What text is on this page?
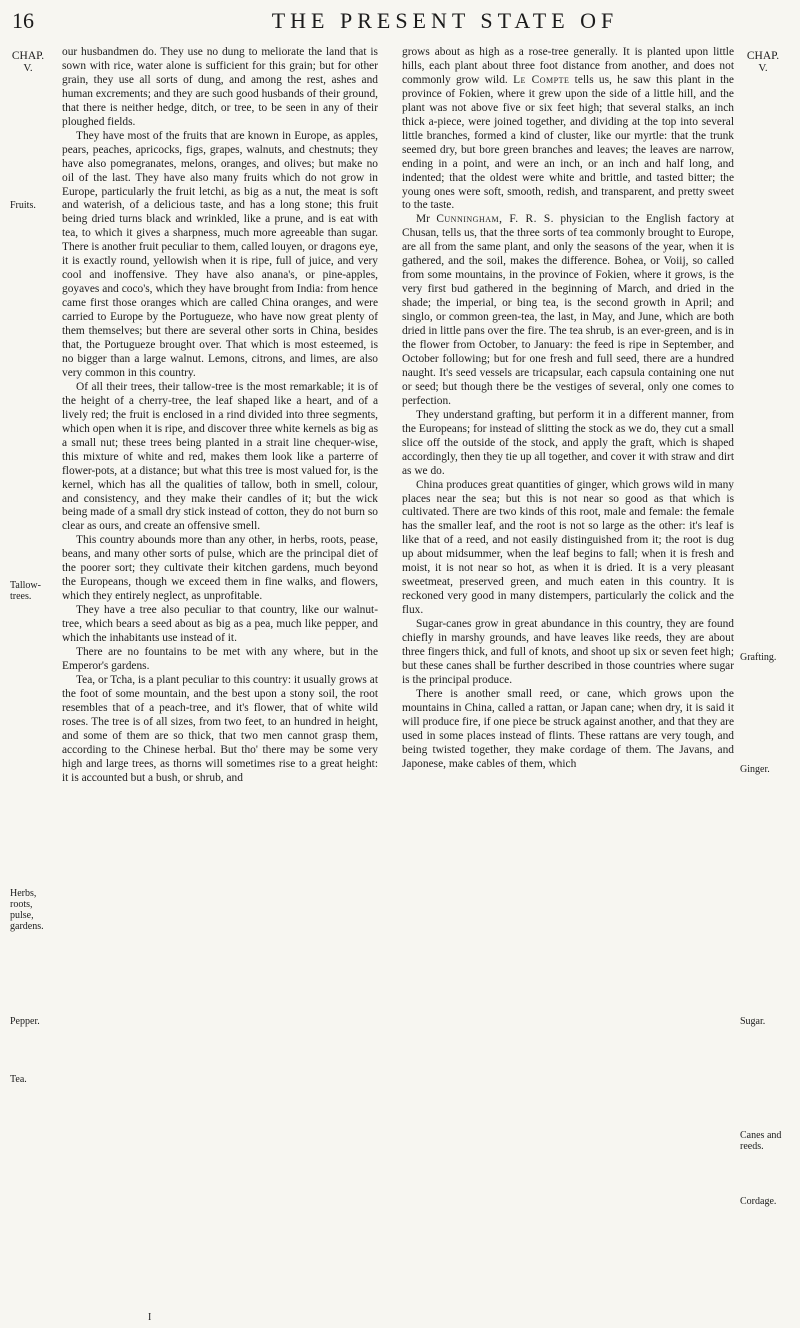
16	THE PRESENT STATE OF
CHAP.
V.
CHAP.
V.
Fruits.
Tallow-trees.
Herbs, roots, pulse, gardens.
Pepper.
Tea.
Grafting.
Ginger.
Sugar.
Canes and reeds.
Cordage.

our husbandmen do. They use no dung to meliorate the land that is sown with rice, water alone is sufficient for this grain; but for other grain, they use all sorts of dung, and among the rest, ashes and human excrements; and they are such good husbands of their ground, that there is neither hedge, ditch, or tree, to be seen in any of their ploughed fields.

They have most of the fruits that are known in Europe, as apples, pears, peaches, apricocks, figs, grapes, walnuts, and chestnuts; they have also pomegranates, melons, oranges, and olives; but make no oil of the last. They have also many fruits which do not grow in Europe, particularly the fruit letchi, as big as a nut, the meat is soft and waterish, of a delicious taste, and has a long stone; this fruit being dried turns black and wrinkled, like a prune, and is eat with tea, to which it gives a sharpness, much more agreeable than sugar. There is another fruit peculiar to them, called louyen, or dragons eye, it is exactly round, yellowish when it is ripe, full of juice, and very cool and inoffensive. They have also anana's, or pine-apples, goyaves and coco's, which they have brought from India: from hence came first those oranges which are called China oranges, and were carried to Europe by the Portugueze, who have now great plenty of them themselves; but there are several other sorts in China, besides that, the Portugueze brought over. That which is most esteemed, is no bigger than a large walnut. Lemons, citrons, and limes, are also very common in this country.

Of all their trees, their tallow-tree is the most remarkable; it is of the height of a cherry-tree, the leaf shaped like a heart, and of a lively red; the fruit is enclosed in a rind divided into three segments, which open when it is ripe, and discover three white kernels as big as a small nut; these trees being planted in a strait line chequer-wise, this mixture of white and red, makes them look like a parterre of flower-pots, at a distance; but what this tree is most valued for, is the kernel, which has all the qualities of tallow, both in smell, colour, and consistency, and they make their candles of it; but the wick being made of a small dry stick instead of cotton, they do not burn so clear as ours, and create an offensive smell.

This country abounds more than any other, in herbs, roots, pease, beans, and many other sorts of pulse, which are the principal diet of the poorer sort; they cultivate their kitchen gardens, much beyond the Europeans, though we exceed them in fine walks, and flowers, which they entirely neglect, as unprofitable.

They have a tree also peculiar to that country, like our walnut-tree, which bears a seed about as big as a pea, much like pepper, and which the inhabitants use instead of it.

There are no fountains to be met with any where, but in the Emperor's gardens.

Tea, or Tcha, is a plant peculiar to this country: it usually grows at the foot of some mountain, and the best upon a stony soil, the root resembles that of a peach-tree, and it's flower, that of white wild roses. The tree is of all sizes, from two feet, to an hundred in height, and some of them are so thick, that two men cannot grasp them, according to the Chinese herbal. But tho' there may be some very high and large trees, as thorns will sometimes rise to a great height: it is accounted but a bush, or shrub, and

grows about as high as a rose-tree generally. It is planted upon little hills, each plant about three foot distance from another, and does not commonly grow wild. Le Compte tells us, he saw this plant in the province of Fokien, where it grew upon the side of a little hill, and the plant was not above five or six feet high; that several stalks, an inch thick a-piece, were joined together, and dividing at the top into several little branches, formed a kind of cluster, like our myrtle: that the trunk seemed dry, but bore green branches and leaves; the leaves are narrow, ending in a point, and were an inch, or an inch and half long, and indented; that the oldest were white and brittle, and tasted bitter; the young ones were soft, smooth, redish, and transparent, and pretty sweet to the taste.

Mr Cunningham, F. R. S. physician to the English factory at Chusan, tells us, that the three sorts of tea commonly brought to Europe, are all from the same plant, and only the seasons of the year, when it is gathered, and the soil, makes the difference. Bohea, or Voiij, so called from some mountains, in the province of Fokien, where it grows, is the very first bud gathered in the beginning of March, and dried in the shade; the imperial, or bing tea, is the second growth in April; and singlo, or common green-tea, the last, in May, and June, which are both dried in little pans over the fire. The tea shrub, is an ever-green, and is in the flower from October, to January: the feed is ripe in September, and October following; but for one fresh and full seed, there are a hundred naught. It's seed vessels are tricapsular, each capsula containing one nut or seed; but though there be the vestiges of several, only one comes to perfection.

They understand grafting, but perform it in a different manner, from the Europeans; for instead of slitting the stock as we do, they cut a small slice off the outside of the stock, and apply the graft, which is shaped accordingly, then they tie up all together, and cover it with straw and dirt as we do.

China produces great quantities of ginger, which grows wild in many places near the sea; but this is not near so good as that which is cultivated. There are two kinds of this root, male and female: the female has the smaller leaf, and the root is not so large as the other: it's leaf is like that of a reed, and not easily distinguished from it; the root is dug up about midsummer, when the leaf begins to fall; when it is fresh and moist, it is not near so hot, as when it is dried. It is a very pleasant sweetmeat, preserved green, and much eaten in this country. It is reckoned very good in many distempers, particularly the colick and the flux.

Sugar-canes grow in great abundance in this country, they are found chiefly in marshy grounds, and have leaves like reeds, they are about three fingers thick, and full of knots, and shoot up six or seven feet high; but these canes shall be further described in those countries where sugar is the principal produce.

There is another small reed, or cane, which grows upon the mountains in China, called a rattan, or Japan cane; when dry, it is said it will produce fire, if one piece be struck against another, and that they are used in some places instead of flints. These rattans are very tough, and being twisted together, they make cordage of them. The Javans, and Japonese, make cables of them, which

I
